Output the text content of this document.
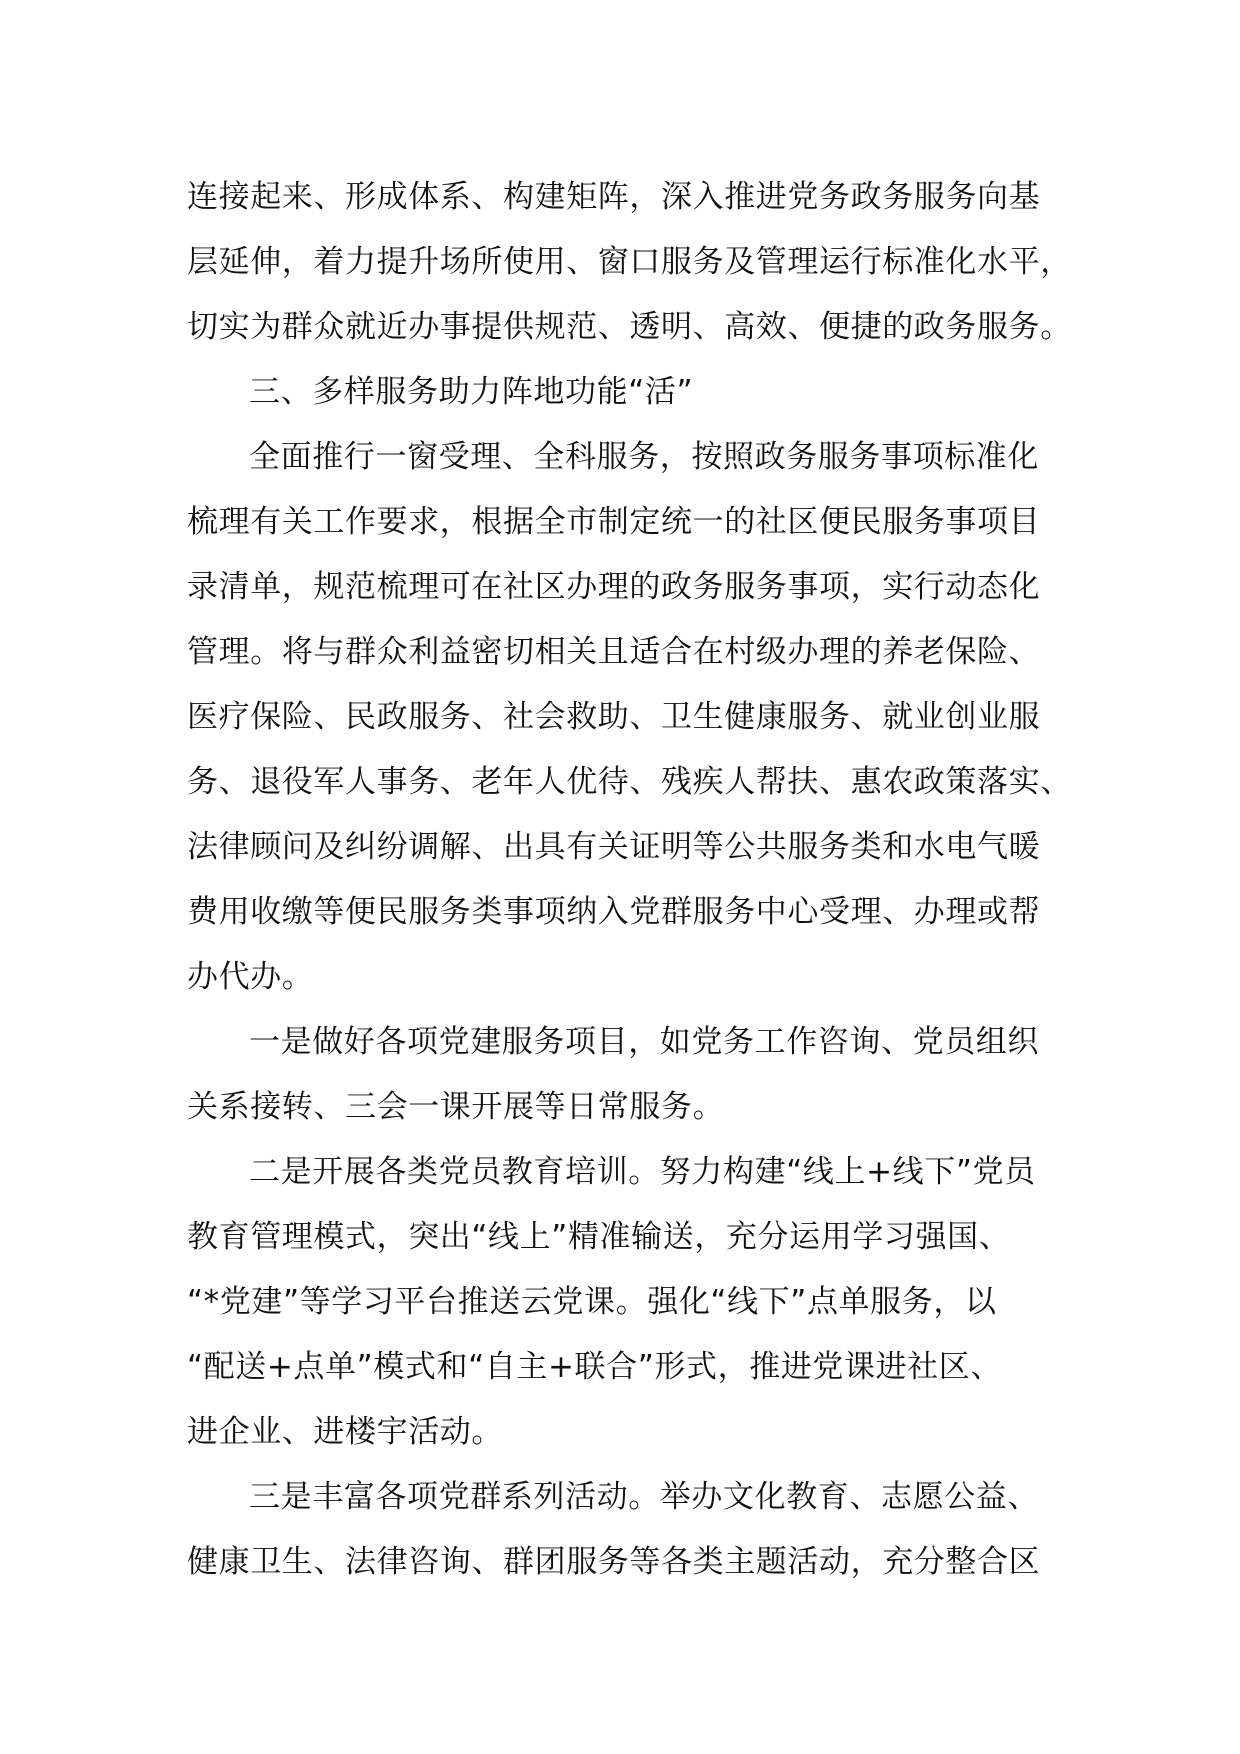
连接起来、形成体系、构建矩阵，深入推进党务政务服务向基
层延伸，着力提升场所使用、窗口服务及管理运行标准化水平，
切实为群众就近办事提供规范、透明、高效、便捷的政务服务。
三、多样服务助力阵地功能“活”
全面推行一窗受理、全科服务，按照政务服务事项标准化
梳理有关工作要求，根据全市制定统一的社区便民服务事项目
录清单，规范梳理可在社区办理的政务服务事项，实行动态化
管理。将与群众利益密切相关且适合在村级办理的养老保险、
医疗保险、民政服务、社会救助、卫生健康服务、就业创业服
务、退役军人事务、老年人优待、残疾人帮扶、惠农政策落实、
法律顾问及纠纷调解、出具有关证明等公共服务类和水电气暖
费用收缴等便民服务类事项纳入党群服务中心受理、办理或帮
办代办。
一是做好各项党建服务项目，如党务工作咨询、党员组织
关系接转、三会一课开展等日常服务。
二是开展各类党员教育培训。努力构建“线上+线下”党员
教育管理模式，突出“线上”精准输送，充分运用学习强国、
“*党建”等学习平台推送云党课。强化“线下”点单服务，以
“配送+点单”模式和“自主+联合”形式，推进党课进社区、
进企业、进楼宇活动。
三是丰富各项党群系列活动。举办文化教育、志愿公益、
健康卫生、法律咨询、群团服务等各类主题活动，充分整合区
